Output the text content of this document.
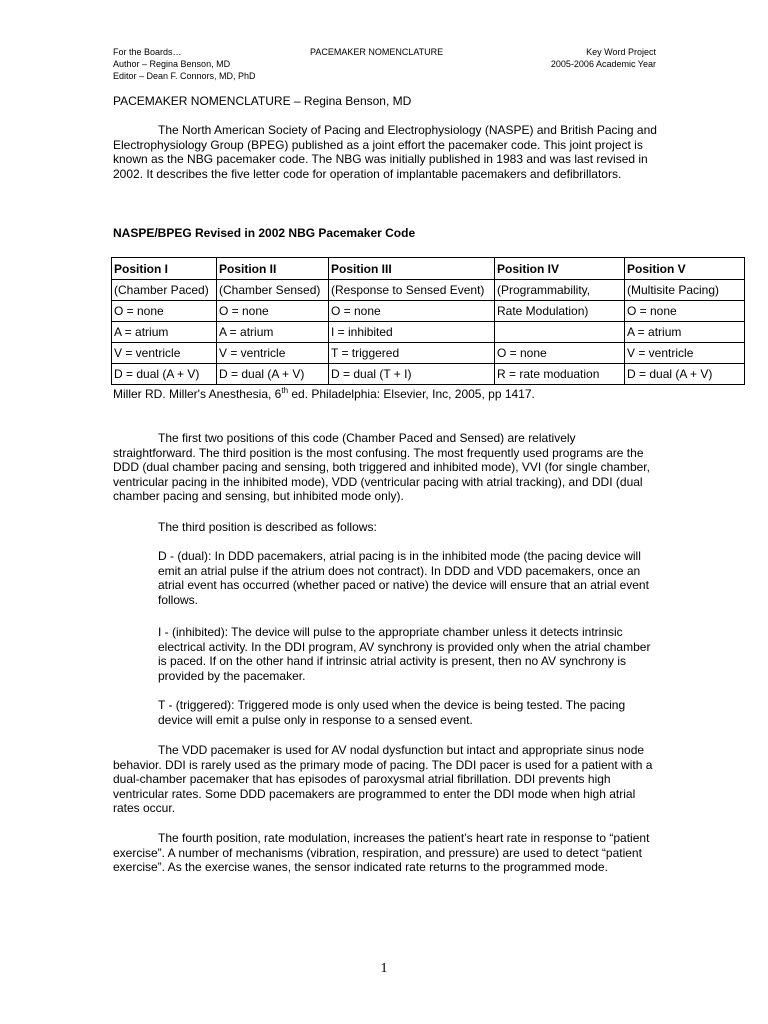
For the Boards…
Author – Regina Benson, MD
Editor – Dean F. Connors, MD, PhD
PACEMAKER NOMENCLATURE	Key Word Project
2005-2006 Academic Year
PACEMAKER NOMENCLATURE – Regina Benson, MD

The North American Society of Pacing and Electrophysiology (NASPE) and British Pacing and Electrophysiology Group (BPEG) published as a joint effort the pacemaker code. This joint project is known as the NBG pacemaker code. The NBG was initially published in 1983 and was last revised in 2002. It describes the five letter code for operation of implantable pacemakers and defibrillators.

NASPE/BPEG Revised in 2002 NBG Pacemaker Code
Position I	Position II	Position III	Position IV	Position V
(Chamber Paced)	(Chamber Sensed)	(Response to Sensed Event)	(Programmability,	(Multisite Pacing)
O = none	O = none	O = none	Rate Modulation)	O = none
A = atrium	A = atrium	I = inhibited		A = atrium
V = ventricle	V = ventricle	T = triggered	O = none	V = ventricle
D = dual (A + V)	D = dual (A + V)	D = dual (T + I)	R = rate moduation	D = dual (A + V)
Miller RD. Miller's Anesthesia, 6th ed. Philadelphia: Elsevier, Inc, 2005, pp 1417.

The first two positions of this code (Chamber Paced and Sensed) are relatively straightforward. The third position is the most confusing. The most frequently used programs are the DDD (dual chamber pacing and sensing, both triggered and inhibited mode), VVI (for single chamber, ventricular pacing in the inhibited mode), VDD (ventricular pacing with atrial tracking), and DDI (dual chamber pacing and sensing, but inhibited mode only).

The third position is described as follows:

D - (dual): In DDD pacemakers, atrial pacing is in the inhibited mode (the pacing device will emit an atrial pulse if the atrium does not contract). In DDD and VDD pacemakers, once an atrial event has occurred (whether paced or native) the device will ensure that an atrial event follows.

I - (inhibited): The device will pulse to the appropriate chamber unless it detects intrinsic electrical activity. In the DDI program, AV synchrony is provided only when the atrial chamber is paced. If on the other hand if intrinsic atrial activity is present, then no AV synchrony is provided by the pacemaker.

T - (triggered): Triggered mode is only used when the device is being tested. The pacing device will emit a pulse only in response to a sensed event.

The VDD pacemaker is used for AV nodal dysfunction but intact and appropriate sinus node behavior. DDI is rarely used as the primary mode of pacing. The DDI pacer is used for a patient with a dual-chamber pacemaker that has episodes of paroxysmal atrial fibrillation. DDI prevents high ventricular rates. Some DDD pacemakers are programmed to enter the DDI mode when high atrial rates occur.

The fourth position, rate modulation, increases the patient’s heart rate in response to “patient exercise”. A number of mechanisms (vibration, respiration, and pressure) are used to detect “patient exercise”. As the exercise wanes, the sensor indicated rate returns to the programmed mode.

1
